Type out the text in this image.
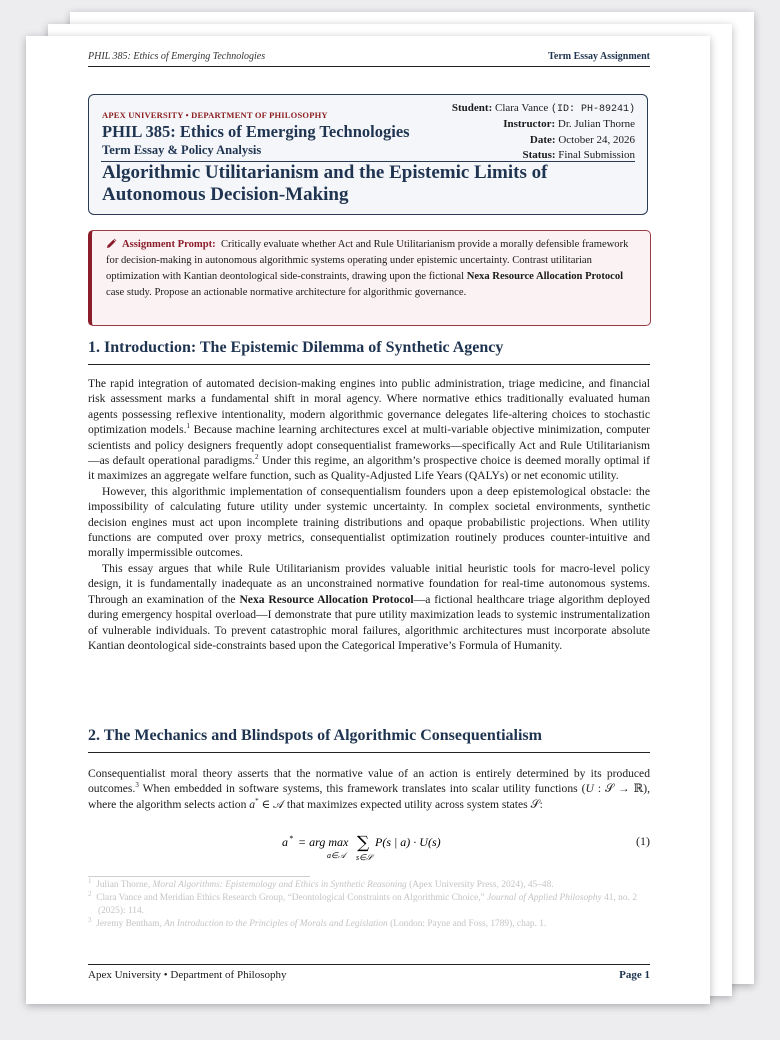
PHIL 385: Ethics of Emerging Technologies	Term Essay Assignment
APEX UNIVERSITY • DEPARTMENT OF PHILOSOPHY
PHIL 385: Ethics of Emerging Technologies
Term Essay & Policy Analysis
Student: Clara Vance (ID: PH-89241)
Instructor: Dr. Julian Thorne
Date: October 24, 2026
Status: Final Submission
Algorithmic Utilitarianism and the Epistemic Limits of Autonomous Decision-Making
Assignment Prompt: Critically evaluate whether Act and Rule Utilitarianism provide a morally defensible framework for decision-making in autonomous algorithmic systems operating under epistemic uncertainty. Contrast utilitarian optimization with Kantian deontological side-constraints, drawing upon the fictional Nexa Resource Allocation Protocol case study. Propose an actionable normative architecture for algorithmic governance.
1. Introduction: The Epistemic Dilemma of Synthetic Agency

The rapid integration of automated decision-making engines into public administration, triage medicine, and financial risk assessment marks a fundamental shift in moral agency. Where normative ethics traditionally evaluated human agents possessing reflexive intentionality, modern algorithmic governance delegates life-altering choices to stochastic optimization models.$^1$ Because machine learning architectures excel at multi-variable objective minimization, computer scientists and policy designers frequently adopt consequentialist frameworks—specifically Act and Rule Utilitarianism—as default operational paradigms.$^2$ Under this regime, an algorithm’s prospective choice is deemed morally optimal if it maximizes an aggregate welfare function, such as Quality-Adjusted Life Years (QALYs) or net economic utility.

However, this algorithmic implementation of consequentialism founders upon a deep epistemological obstacle: the impossibility of calculating future utility under systemic uncertainty. In complex societal environments, synthetic decision engines must act upon incomplete training distributions and opaque probabilistic projections. When utility functions are computed over proxy metrics, consequentialist optimization routinely produces counter-intuitive and morally impermissible outcomes.

This essay argues that while Rule Utilitarianism provides valuable initial heuristic tools for macro-level policy design, it is fundamentally inadequate as an unconstrained normative foundation for real-time autonomous systems. Through an examination of the Nexa Resource Allocation Protocol—a fictional healthcare triage algorithm deployed during emergency hospital overload—I demonstrate that pure utility maximization leads to systemic instrumentalization of vulnerable individuals. To prevent catastrophic moral failures, algorithmic architectures must incorporate absolute Kantian deontological side-constraints based upon the Categorical Imperative’s Formula of Humanity.

2. The Mechanics and Blindspots of Algorithmic Consequentialism

Consequentialist moral theory asserts that the normative value of an action is entirely determined by its produced outcomes.$^3$ When embedded in software systems, this framework translates into scalar utility functions (U : 𝒮 → ℝ), where the algorithm selects action a* ∈ 𝒜 that maximizes expected utility across system states 𝒮:

a * = arg max
a∈𝒜
∑
s∈𝒮
P(s | a) · U(s)	(1)
$^1$ Julian Thorne, Moral Algorithms: Epistemology and Ethics in Synthetic Reasoning (Apex University Press, 2024), 45–48.
$^2$ Clara Vance and Meridian Ethics Research Group, “Deontological Constraints on Algorithmic Choice,” Journal of Applied Philosophy 41, no. 2 (2025): 114.
$^3$ Jeremy Bentham, An Introduction to the Principles of Morals and Legislation (London: Payne and Foss, 1789), chap. 1.
Apex University • Department of Philosophy	Page 1
